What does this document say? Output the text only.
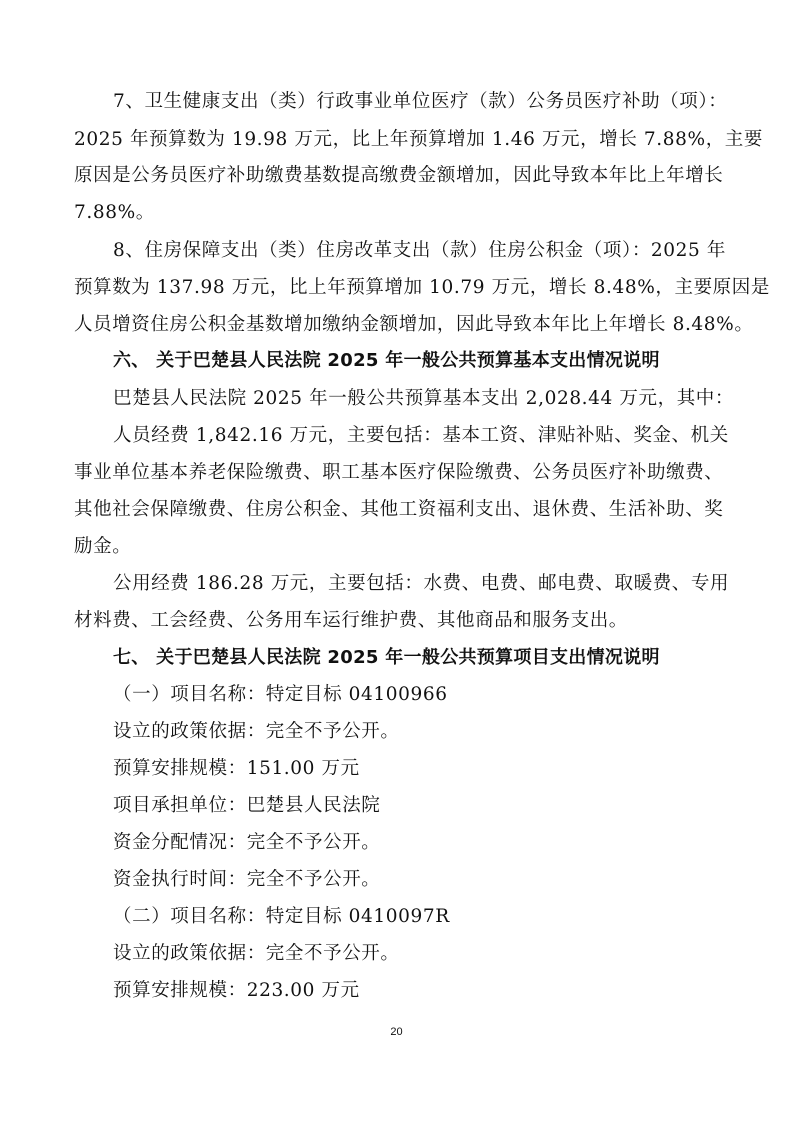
7、卫生健康支出（类）行政事业单位医疗（款）公务员医疗补助（项）：
2025 年预算数为 19.98 万元，比上年预算增加 1.46 万元，增长 7.88%，主要
原因是公务员医疗补助缴费基数提高缴费金额增加，因此导致本年比上年增长
7.88%。
8、住房保障支出（类）住房改革支出（款）住房公积金（项）：2025 年
预算数为 137.98 万元，比上年预算增加 10.79 万元，增长 8.48%，主要原因是
人员增资住房公积金基数增加缴纳金额增加，因此导致本年比上年增长 8.48%。
六、 关于巴楚县人民法院 2025 年一般公共预算基本支出情况说明
巴楚县人民法院 2025 年一般公共预算基本支出 2,028.44 万元，其中：
人员经费 1,842.16 万元，主要包括：基本工资、津贴补贴、奖金、机关
事业单位基本养老保险缴费、职工基本医疗保险缴费、公务员医疗补助缴费、
其他社会保障缴费、住房公积金、其他工资福利支出、退休费、生活补助、奖
励金。
公用经费 186.28 万元，主要包括：水费、电费、邮电费、取暖费、专用
材料费、工会经费、公务用车运行维护费、其他商品和服务支出。
七、 关于巴楚县人民法院 2025 年一般公共预算项目支出情况说明
（一）项目名称：特定目标 04100966
设立的政策依据：完全不予公开。
预算安排规模：151.00 万元
项目承担单位：巴楚县人民法院
资金分配情况：完全不予公开。
资金执行时间：完全不予公开。
（二）项目名称：特定目标 0410097R
设立的政策依据：完全不予公开。
预算安排规模：223.00 万元
20
